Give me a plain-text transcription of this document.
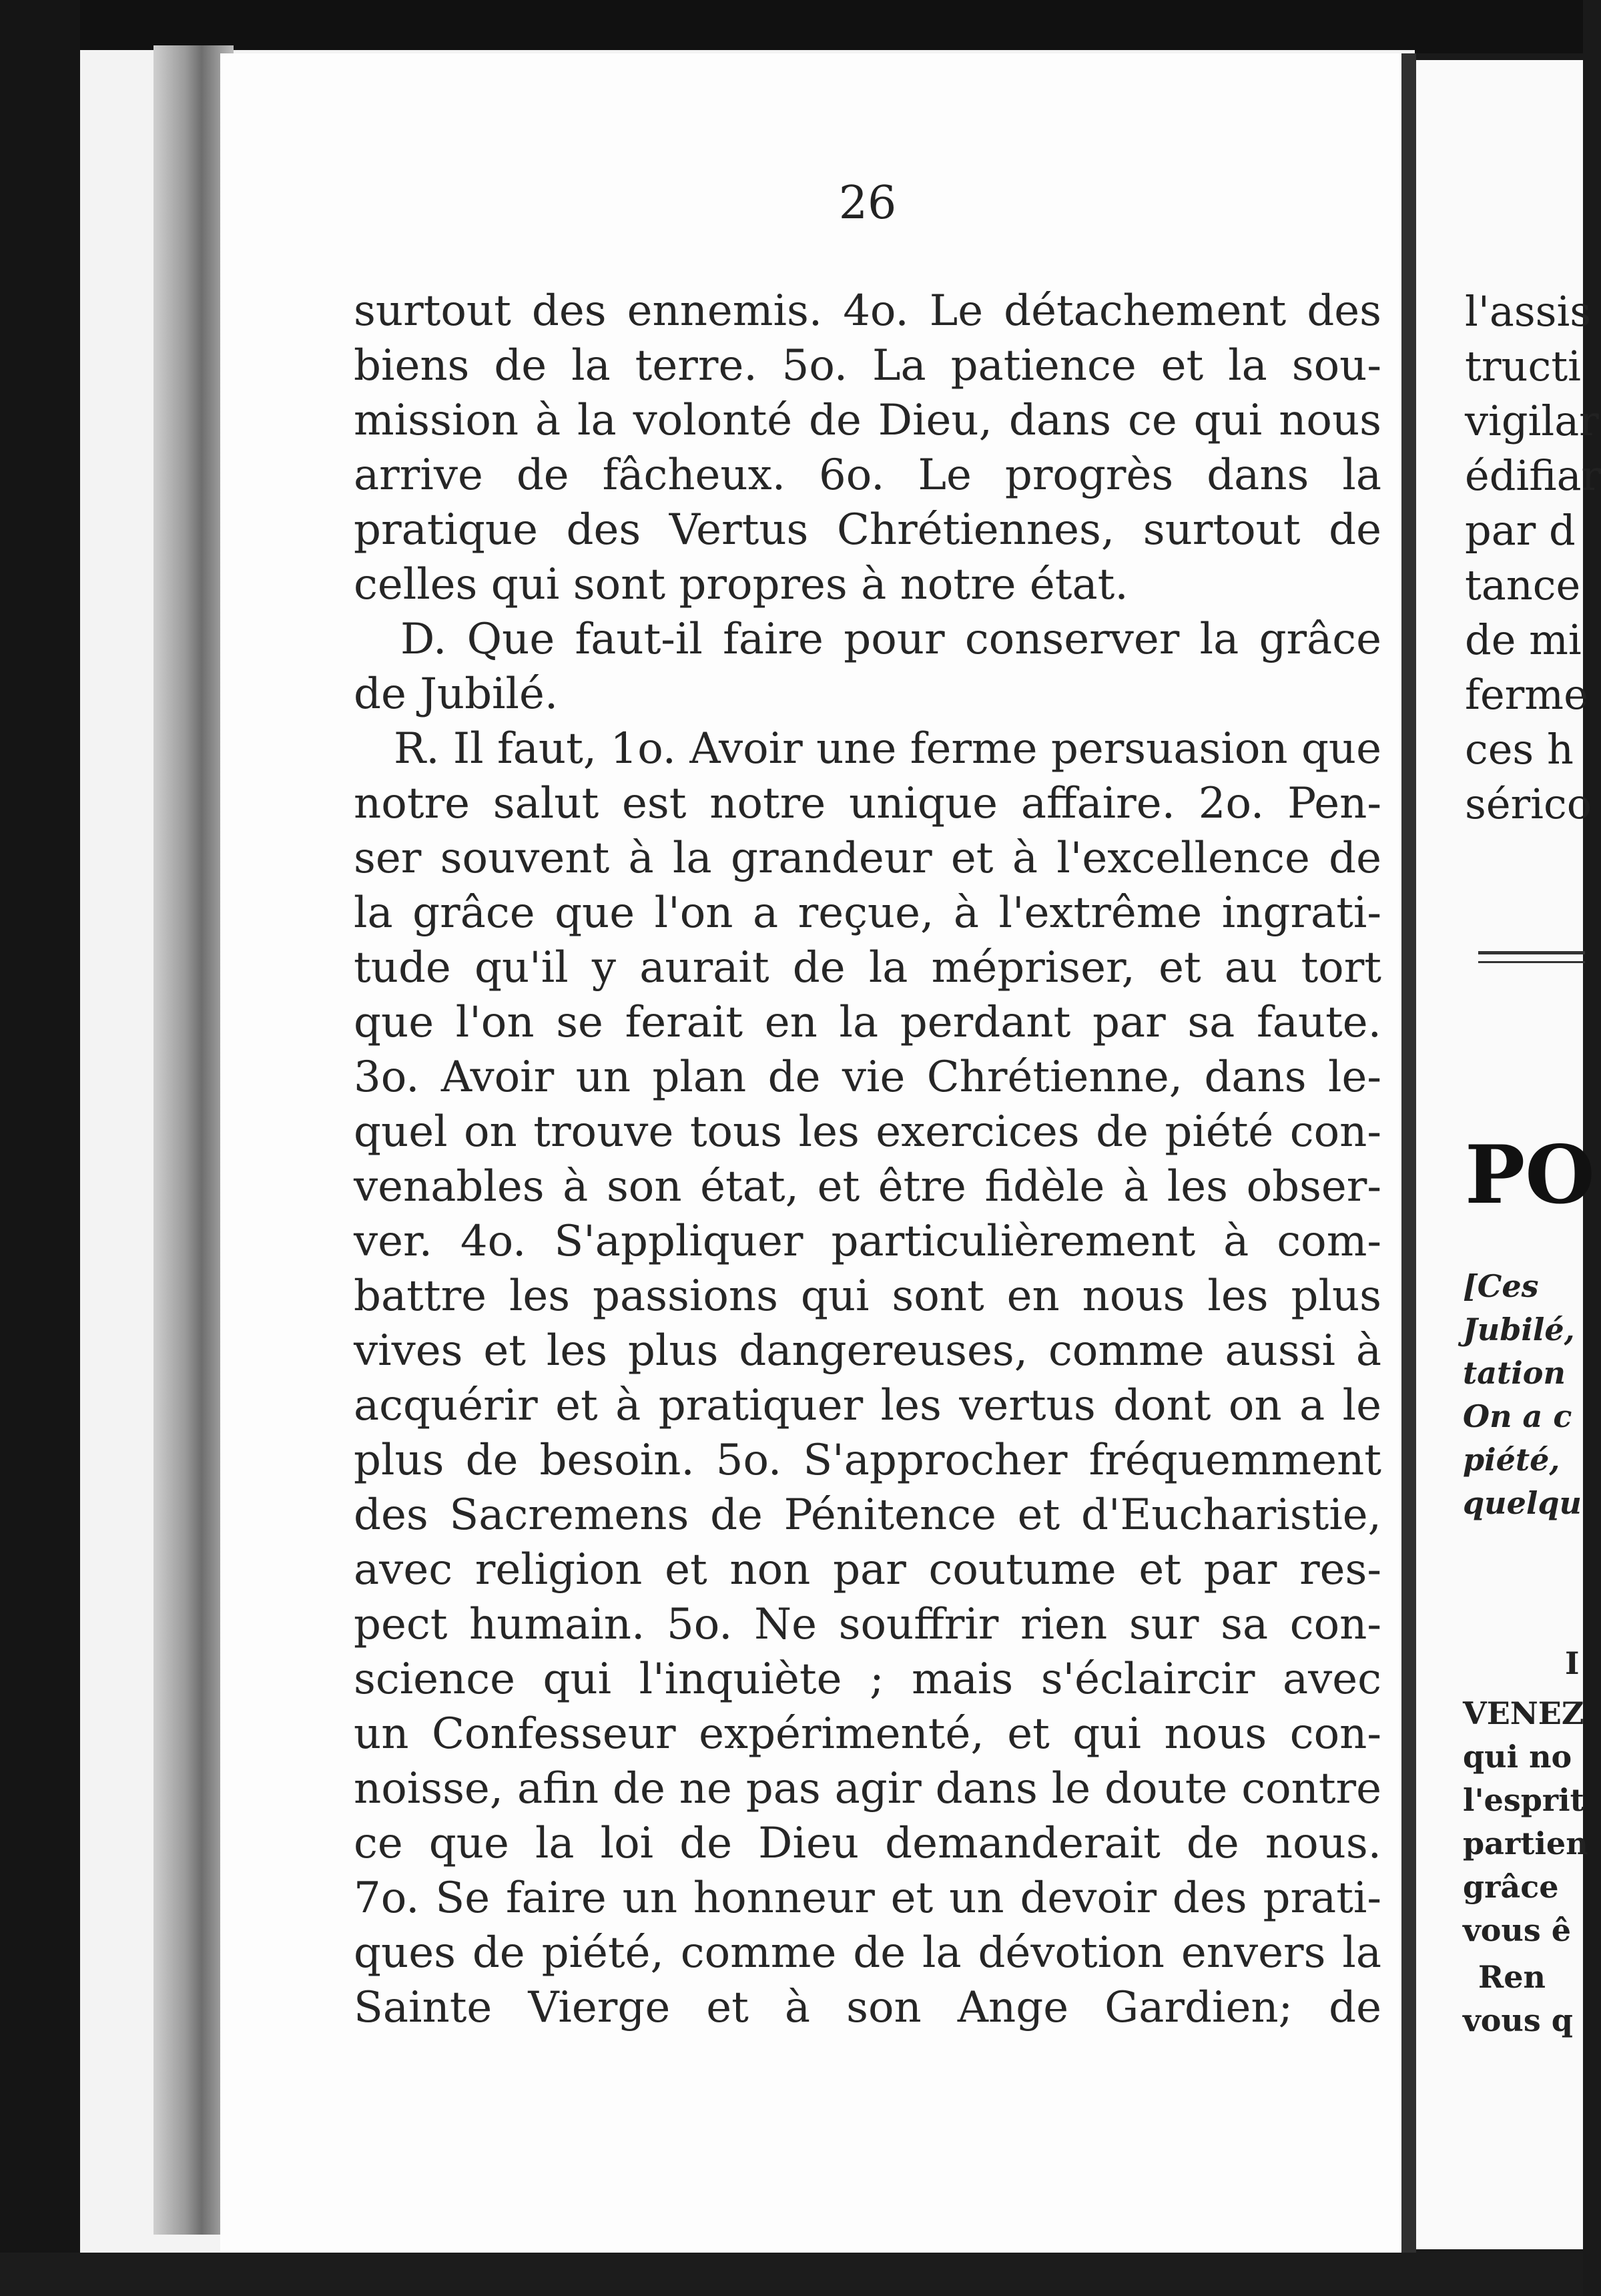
26
surtout des ennemis. 4o. Le détachement des
biens de la terre. 5o. La patience et la sou-
mission à la volonté de Dieu, dans ce qui nous
arrive de fâcheux. 6o. Le progrès dans la
pratique des Vertus Chrétiennes, surtout de
celles qui sont propres à notre état.
D. Que faut-il faire pour conserver la grâce
de Jubilé.
R. Il faut, 1o. Avoir une ferme persuasion que
notre salut est notre unique affaire. 2o. Pen-
ser souvent à la grandeur et à l'excellence de
la grâce que l'on a reçue, à l'extrême ingrati-
tude qu'il y aurait de la mépriser, et au tort
que l'on se ferait en la perdant par sa faute.
3o. Avoir un plan de vie Chrétienne, dans le-
quel on trouve tous les exercices de piété con-
venables à son état, et être fidèle à les obser-
ver. 4o. S'appliquer particulièrement à com-
battre les passions qui sont en nous les plus
vives et les plus dangereuses, comme aussi à
acquérir et à pratiquer les vertus dont on a le
plus de besoin. 5o. S'approcher fréquemment
des Sacremens de Pénitence et d'Eucharistie,
avec religion et non par coutume et par res-
pect humain. 5o. Ne souffrir rien sur sa con-
science qui l'inquiète ; mais s'éclaircir avec
un Confesseur expérimenté, et qui nous con-
noisse, afin de ne pas agir dans le doute contre
ce que la loi de Dieu demanderait de nous.
7o. Se faire un honneur et un devoir des prati-
ques de piété, comme de la dévotion envers la
Sainte Vierge et à son Ange Gardien; de
l'assis
tructi
vigilar
édifiar
par d
tance
de mi
ferme
ces h
sérico
PO
[Ces
Jubilé,
tation
On a c
piété,
quelqu
I
VENEZ
qui no
l'esprit
partien
grâce
vous ê
Ren
vous q
